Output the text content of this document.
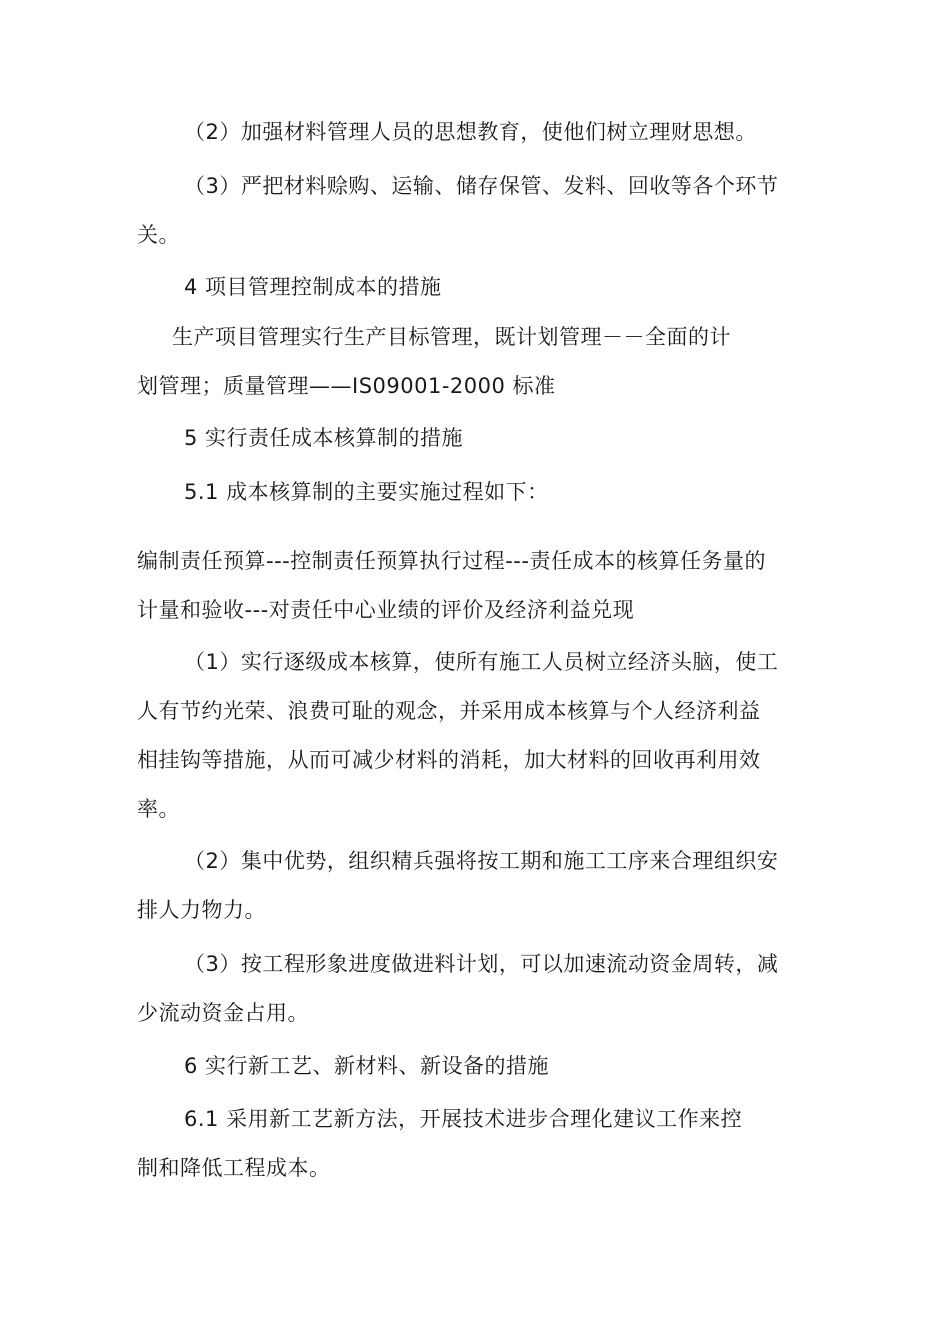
（2）加强材料管理人员的思想教育，使他们树立理财思想。
（3）严把材料赊购、运输、储存保管、发料、回收等各个环节
关。
4 项目管理控制成本的措施
生产项目管理实行生产目标管理，既计划管理－－全面的计
划管理；质量管理——IS09001-2000 标准
5 实行责任成本核算制的措施
5.1 成本核算制的主要实施过程如下：
编制责任预算---控制责任预算执行过程---责任成本的核算任务量的
计量和验收---对责任中心业绩的评价及经济利益兑现
（1）实行逐级成本核算，使所有施工人员树立经济头脑，使工
人有节约光荣、浪费可耻的观念，并采用成本核算与个人经济利益
相挂钩等措施，从而可减少材料的消耗，加大材料的回收再利用效
率。
（2）集中优势，组织精兵强将按工期和施工工序来合理组织安
排人力物力。
（3）按工程形象进度做进料计划，可以加速流动资金周转，减
少流动资金占用。
6 实行新工艺、新材料、新设备的措施
6.1 采用新工艺新方法，开展技术进步合理化建议工作来控
制和降低工程成本。
